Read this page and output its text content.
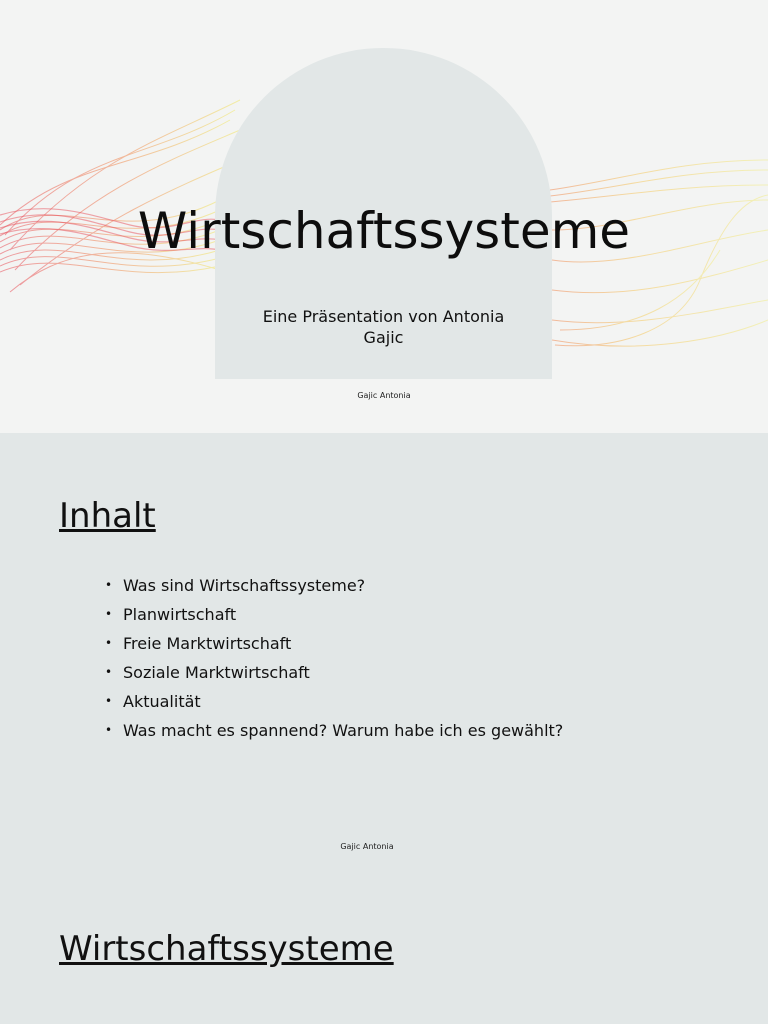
Wirtschaftssysteme
Eine Präsentation von Antonia Gajic
Gajic Antonia
Inhalt
• Was sind Wirtschaftssysteme?
• Planwirtschaft
• Freie Marktwirtschaft
• Soziale Marktwirtschaft
• Aktualität
• Was macht es spannend? Warum habe ich es gewählt?
Gajic Antonia
Wirtschaftssysteme
